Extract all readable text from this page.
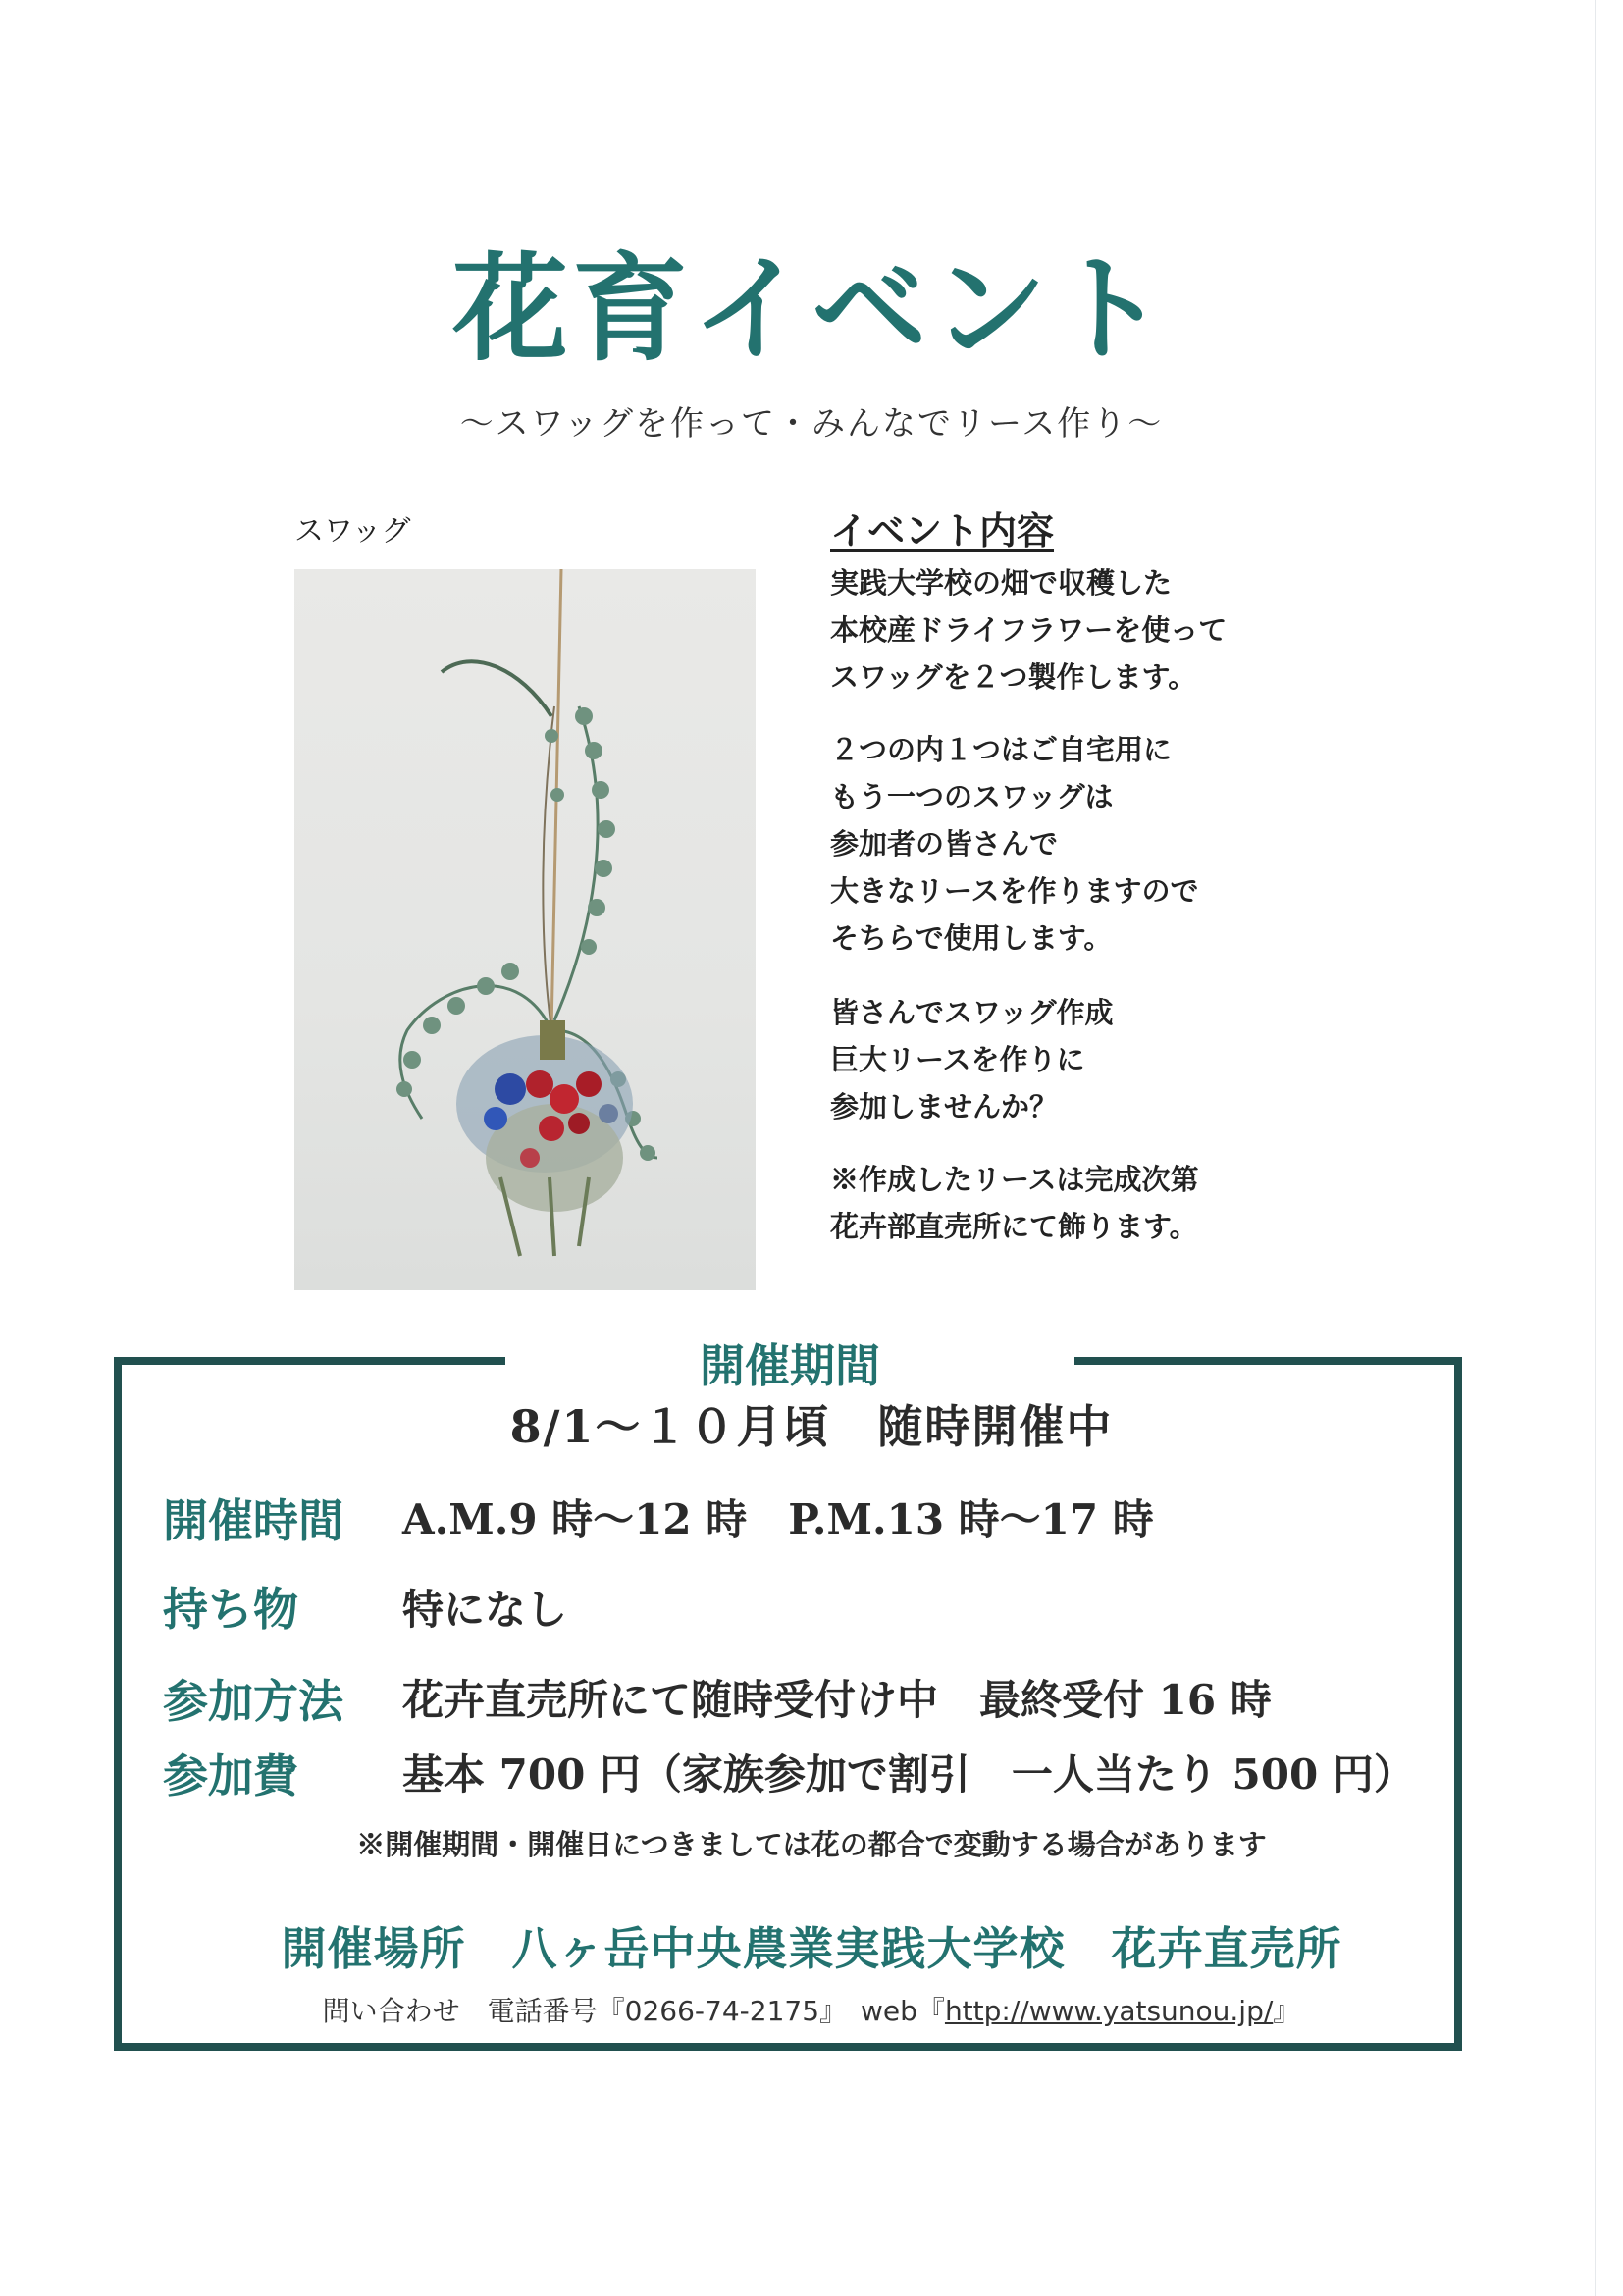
花育イベント
～スワッグを作って・みんなでリース作り～
スワッグ	イベント内容
実践大学校の畑で収穫した
本校産ドライフラワーを使って
スワッグを２つ製作します。
２つの内１つはご自宅用に
もう一つのスワッグは
参加者の皆さんで
大きなリースを作りますので
そちらで使用します。
皆さんでスワッグ作成
巨大リースを作りに
参加しませんか？
※作成したリースは完成次第
花卉部直売所にて飾ります。
開催期間
8/1～１０月頃　随時開催中
開催時間 A.M.9 時～12 時　P.M.13 時～17 時
持ち物	特になし
参加方法 花卉直売所にて随時受付け中　最終受付 16 時
参加費	基本 700 円（家族参加で割引　一人当たり 500 円）
※開催期間・開催日につきましては花の都合で変動する場合があります
開催場所　八ヶ岳中央農業実践大学校　花卉直売所
問い合わせ　電話番号『0266-74-2175』　web『http://www.yatsunou.jp/』
